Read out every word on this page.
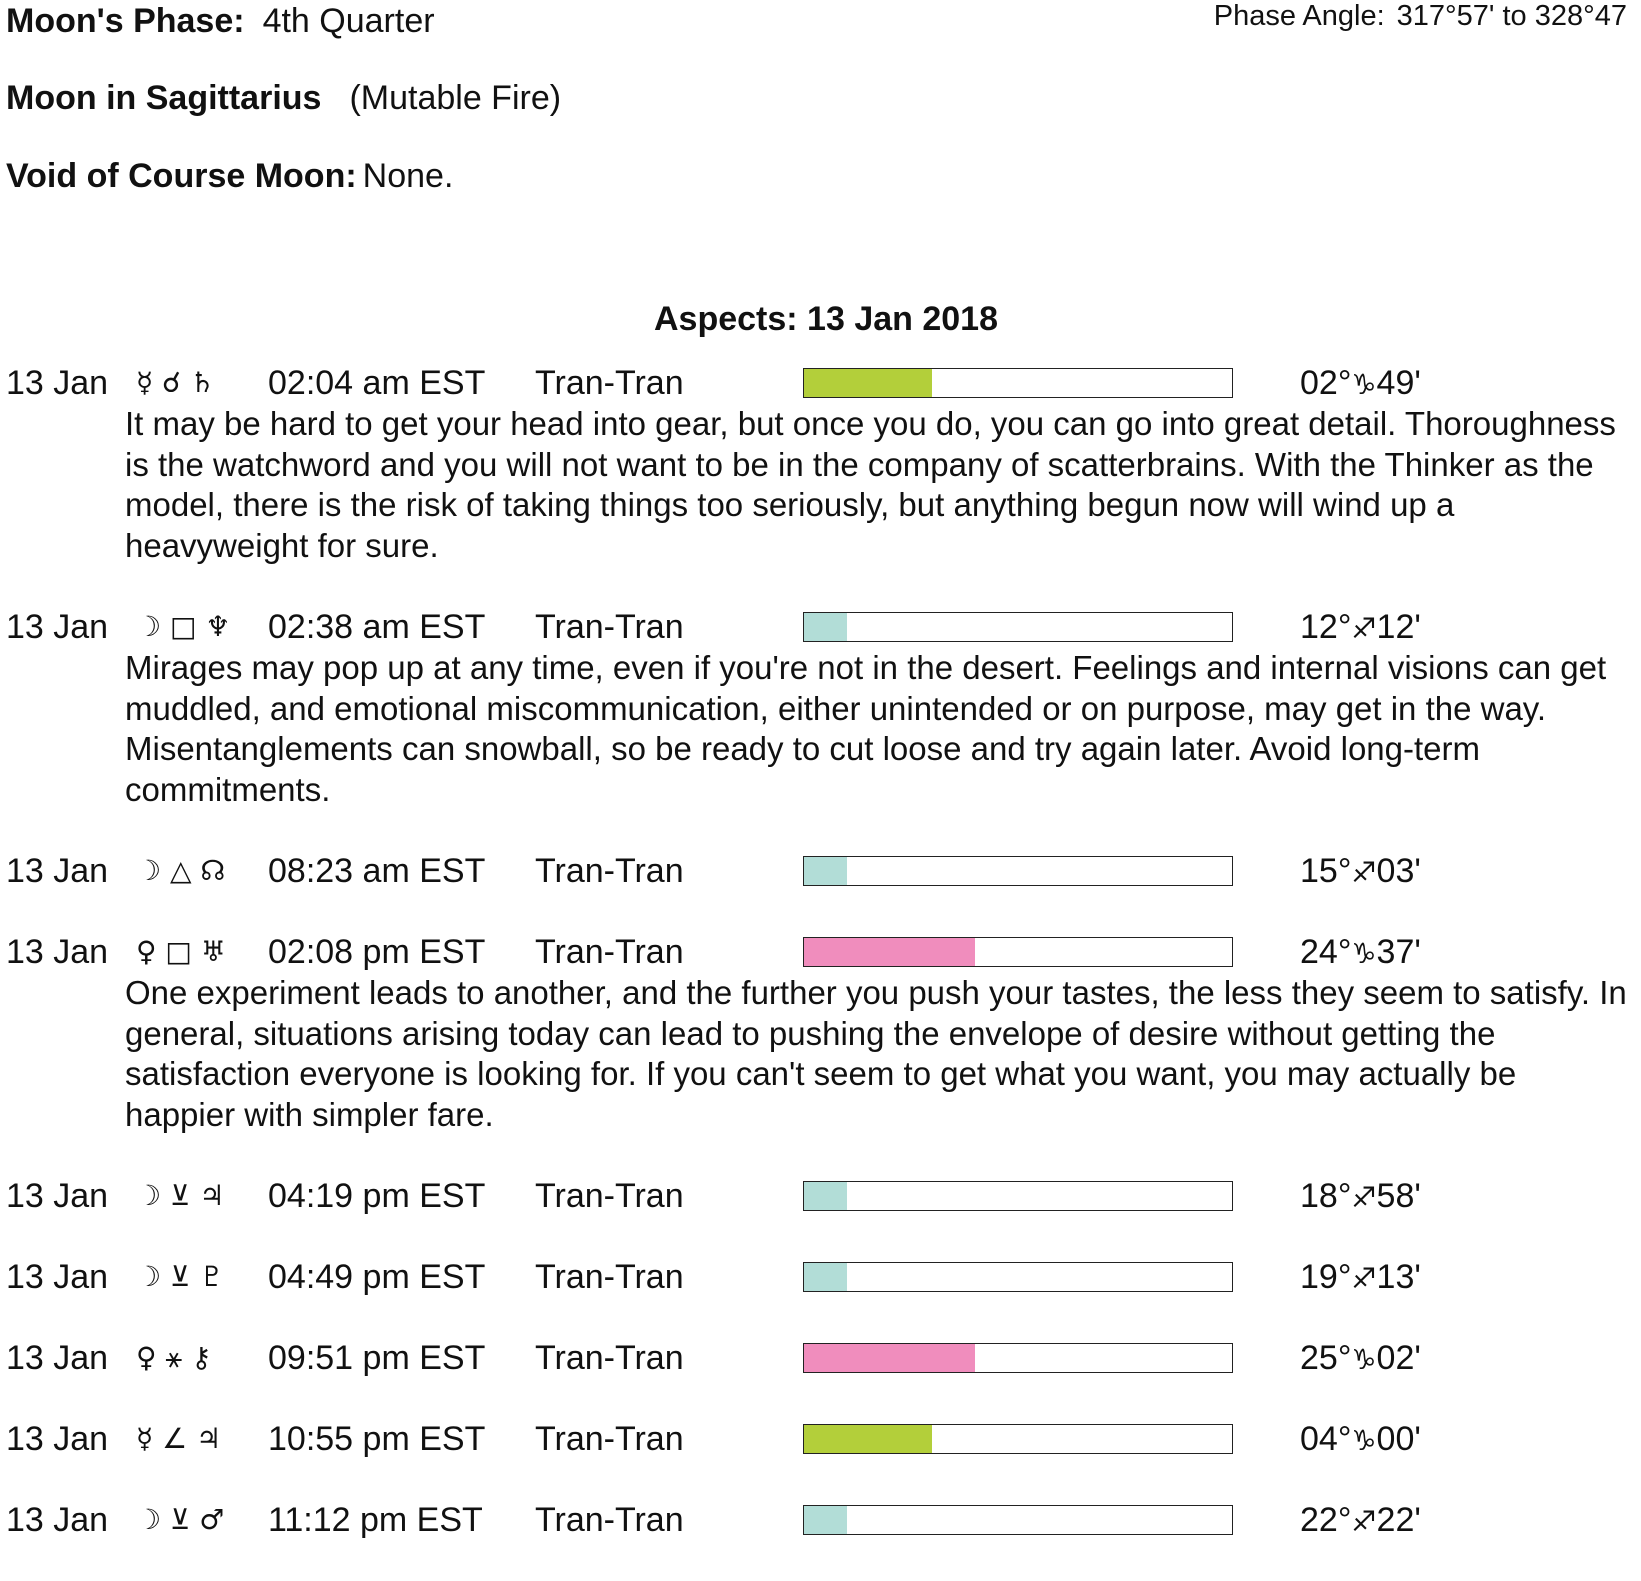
Moon's Phase: 4th Quarter	Phase Angle: 317°57' to 328°47
Moon in Sagittarius (Mutable Fire)
Void of Course Moon: None.
Aspects: 13 Jan 2018
13 Jan ☿ ☌ ♄ 02:04 am EST Tran-Tran	02°♑49'
It may be hard to get your head into gear, but once you do, you can go into great detail. Thoroughness is the watchword and you will not want to be in the company of scatterbrains. With the Thinker as the model, there is the risk of taking things too seriously, but anything begun now will wind up a heavyweight for sure.
13 Jan ☽ □ ♆ 02:38 am EST Tran-Tran	12°♐12'
Mirages may pop up at any time, even if you're not in the desert. Feelings and internal visions can get muddled, and emotional miscommunication, either unintended or on purpose, may get in the way. Misentanglements can snowball, so be ready to cut loose and try again later. Avoid long-term commitments.
13 Jan ☽ △ ☊ 08:23 am EST Tran-Tran	15°♐03'
13 Jan ♀ □ ♅ 02:08 pm EST Tran-Tran	24°♑37'
One experiment leads to another, and the further you push your tastes, the less they seem to satisfy. In general, situations arising today can lead to pushing the envelope of desire without getting the satisfaction everyone is looking for. If you can't seem to get what you want, you may actually be happier with simpler fare.
13 Jan ☽ ⊻ ♃ 04:19 pm EST Tran-Tran	18°♐58'
13 Jan ☽ ⊻ ♇ 04:49 pm EST Tran-Tran	19°♐13'
13 Jan ♀ ⚹ ⚷ 09:51 pm EST Tran-Tran	25°♑02'
13 Jan ☿ ∠ ♃ 10:55 pm EST Tran-Tran	04°♑00'
13 Jan ☽ ⊻ ♂ 11:12 pm EST Tran-Tran	22°♐22'
